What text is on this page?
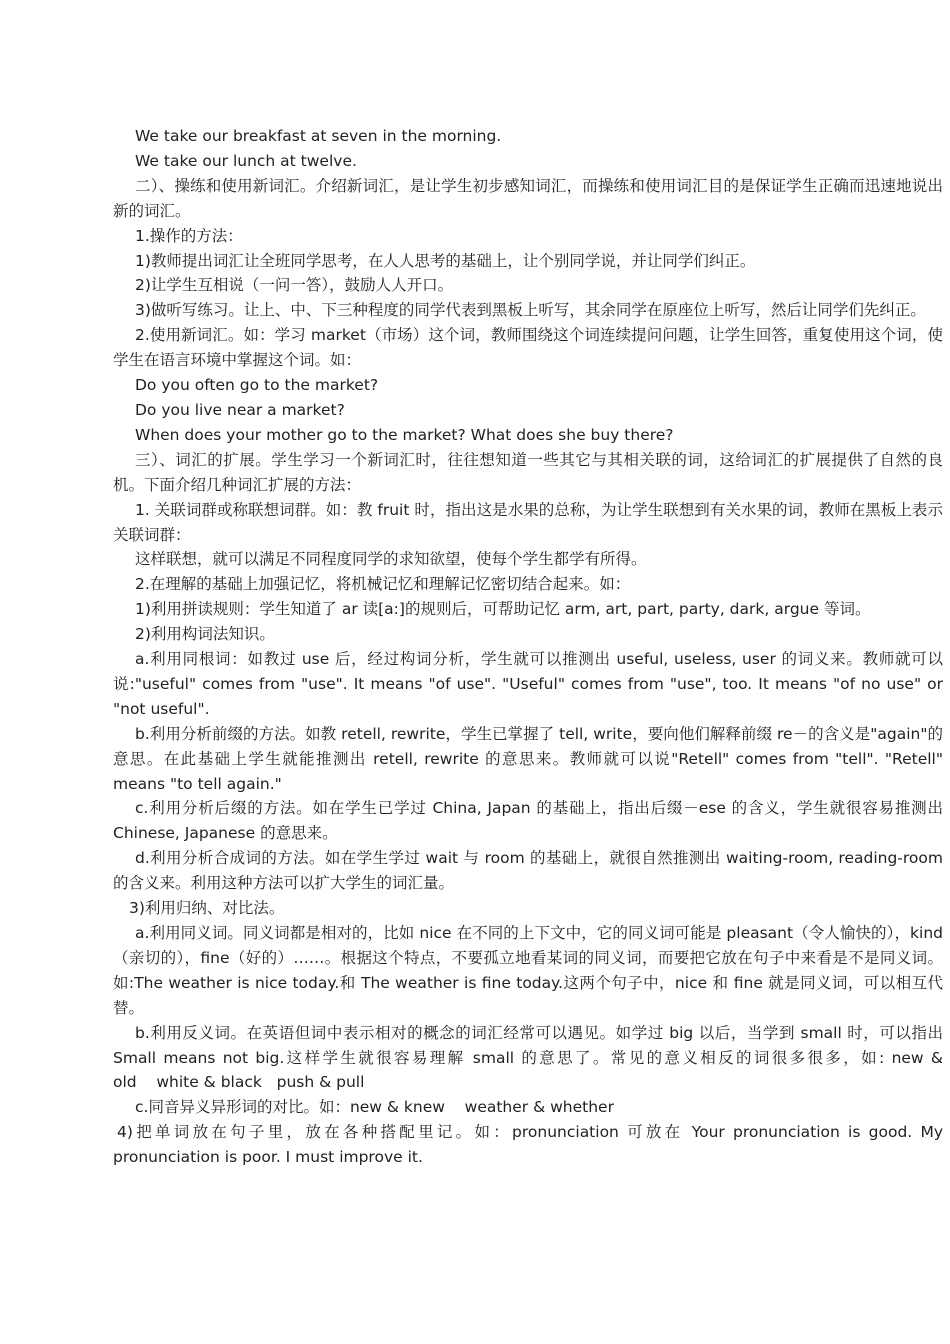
We take our breakfast at seven in the morning.

We take our lunch at twelve.

二）、操练和使用新词汇。介绍新词汇，是让学生初步感知词汇，而操练和使用词汇目的是保证学生正确而迅速地说出新的词汇。

1.操作的方法：

1)教师提出词汇让全班同学思考，在人人思考的基础上，让个别同学说，并让同学们纠正。

2)让学生互相说（一问一答），鼓励人人开口。

3)做听写练习。让上、中、下三种程度的同学代表到黑板上听写，其余同学在原座位上听写，然后让同学们先纠正。

2.使用新词汇。如：学习 market（市场）这个词，教师围绕这个词连续提问问题，让学生回答，重复使用这个词，使学生在语言环境中掌握这个词。如：

Do you often go to the market?

Do you live near a market?

When does your mother go to the market? What does she buy there?

三）、词汇的扩展。学生学习一个新词汇时，往往想知道一些其它与其相关联的词，这给词汇的扩展提供了自然的良机。下面介绍几种词汇扩展的方法：

1. 关联词群或称联想词群。如：教 fruit 时，指出这是水果的总称，为让学生联想到有关水果的词，教师在黑板上表示关联词群：

这样联想，就可以满足不同程度同学的求知欲望，使每个学生都学有所得。

2.在理解的基础上加强记忆，将机械记忆和理解记忆密切结合起来。如：

1)利用拼读规则：学生知道了 ar 读[a:]的规则后，可帮助记忆 arm, art, part, party, dark, argue 等词。

2)利用构词法知识。

a.利用同根词：如教过 use 后，经过构词分析，学生就可以推测出 useful, useless, user 的词义来。教师就可以说:"useful" comes from "use". It means "of use". "Useful" comes from "use", too. It means "of no use" or "not useful".

b.利用分析前缀的方法。如教 retell, rewrite，学生已掌握了 tell, write，要向他们解释前缀 re－的含义是"again"的意思。在此基础上学生就能推测出 retell, rewrite 的意思来。教师就可以说"Retell" comes from "tell". "Retell" means "to tell again."

c.利用分析后缀的方法。如在学生已学过 China, Japan 的基础上，指出后缀－ese 的含义，学生就很容易推测出 Chinese, Japanese 的意思来。

d.利用分析合成词的方法。如在学生学过 wait 与 room 的基础上，就很自然推测出 waiting-room, reading-room 的含义来。利用这种方法可以扩大学生的词汇量。

3)利用归纳、对比法。

a.利用同义词。同义词都是相对的，比如 nice 在不同的上下文中，它的同义词可能是 pleasant（令人愉快的），kind（亲切的），fine（好的）……。根据这个特点，不要孤立地看某词的同义词，而要把它放在句子中来看是不是同义词。如:The weather is nice today.和 The weather is fine today.这两个句子中，nice 和 fine 就是同义词，可以相互代替。

b.利用反义词。在英语但词中表示相对的概念的词汇经常可以遇见。如学过 big 以后，当学到 small 时，可以指出 Small means not big.这样学生就很容易理解 small 的意思了。常见的意义相反的词很多很多，如: new & old    white & black   push & pull

c.同音异义异形词的对比。如：new & knew    weather & whether

4)把单词放在句子里，放在各种搭配里记。如：pronunciation 可放在 Your pronunciation is good. My pronunciation is poor. I must improve it.
